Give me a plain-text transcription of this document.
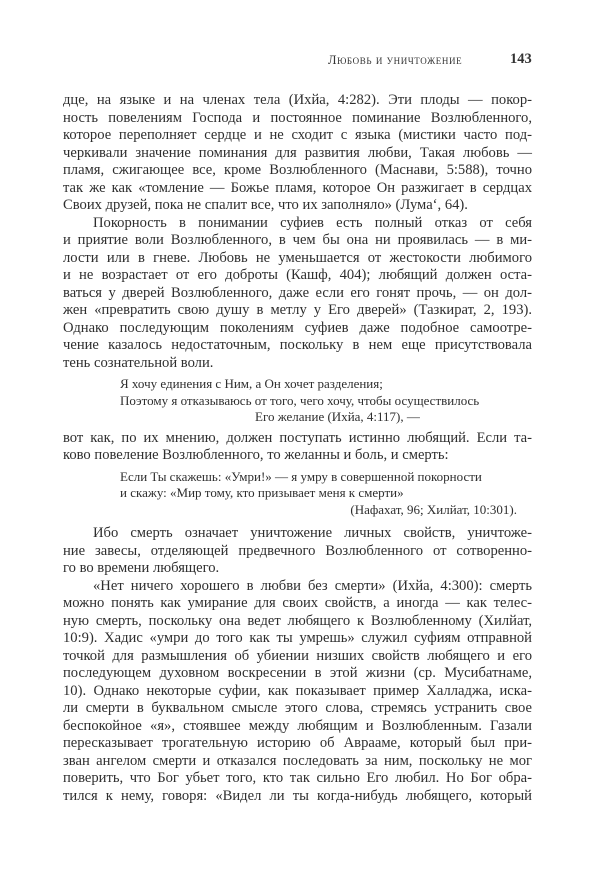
Любовь и уничтожение	143
дце, на языке и на членах тела (Ихйа, 4:282). Эти плоды — покор-
ность повелениям Господа и постоянное поминание Возлюбленного,
которое переполняет сердце и не сходит с языка (мистики часто под-
черкивали значение поминания для развития любви, Такая любовь —
пламя, сжигающее все, кроме Возлюбленного (Маснави, 5:588), точно
так же как «томление — Божье пламя, которое Он разжигает в сердцах
Своих друзей, пока не спалит все, что их заполняло» (Лума‘, 64).
Покорность в понимании суфиев есть полный отказ от себя
и приятие воли Возлюбленного, в чем бы она ни проявилась — в ми-
лости или в гневе. Любовь не уменьшается от жестокости любимого
и не возрастает от его доброты (Кашф, 404); любящий должен оста-
ваться у дверей Возлюбленного, даже если его гонят прочь, — он дол-
жен «превратить свою душу в метлу у Его дверей» (Тазкират, 2, 193).
Однако последующим поколениям суфиев даже подобное самоотре-
чение казалось недостаточным, поскольку в нем еще присутствовала
тень сознательной воли.
Я хочу единения с Ним, а Он хочет разделения;
Поэтому я отказываюсь от того, чего хочу, чтобы осуществилось
Его желание (Ихйа, 4:117), —
вот как, по их мнению, должен поступать истинно любящий. Если та-
ково повеление Возлюбленного, то желанны и боль, и смерть:
Если Ты скажешь: «Умри!» — я умру в совершенной покорности
и скажу: «Мир тому, кто призывает меня к смерти»
(Нафахат, 96; Хилйат, 10:301).
Ибо смерть означает уничтожение личных свойств, уничтоже-
ние завесы, отделяющей предвечного Возлюбленного от сотворенно-
го во времени любящего.
«Нет ничего хорошего в любви без смерти» (Ихйа, 4:300): смерть
можно понять как умирание для своих свойств, а иногда — как телес-
ную смерть, поскольку она ведет любящего к Возлюбленному (Хилйат,
10:9). Хадис «умри до того как ты умрешь» служил суфиям отправной
точкой для размышления об убиении низших свойств любящего и его
последующем духовном воскресении в этой жизни (ср. Мусибатнаме,
10). Однако некоторые суфии, как показывает пример Халладжа, иска-
ли смерти в буквальном смысле этого слова, стремясь устранить свое
беспокойное «я», стоявшее между любящим и Возлюбленным. Газали
пересказывает трогательную историю об Аврааме, который был при-
зван ангелом смерти и отказался последовать за ним, поскольку не мог
поверить, что Бог убьет того, кто так сильно Его любил. Но Бог обра-
тился к нему, говоря: «Видел ли ты когда-нибудь любящего, который
